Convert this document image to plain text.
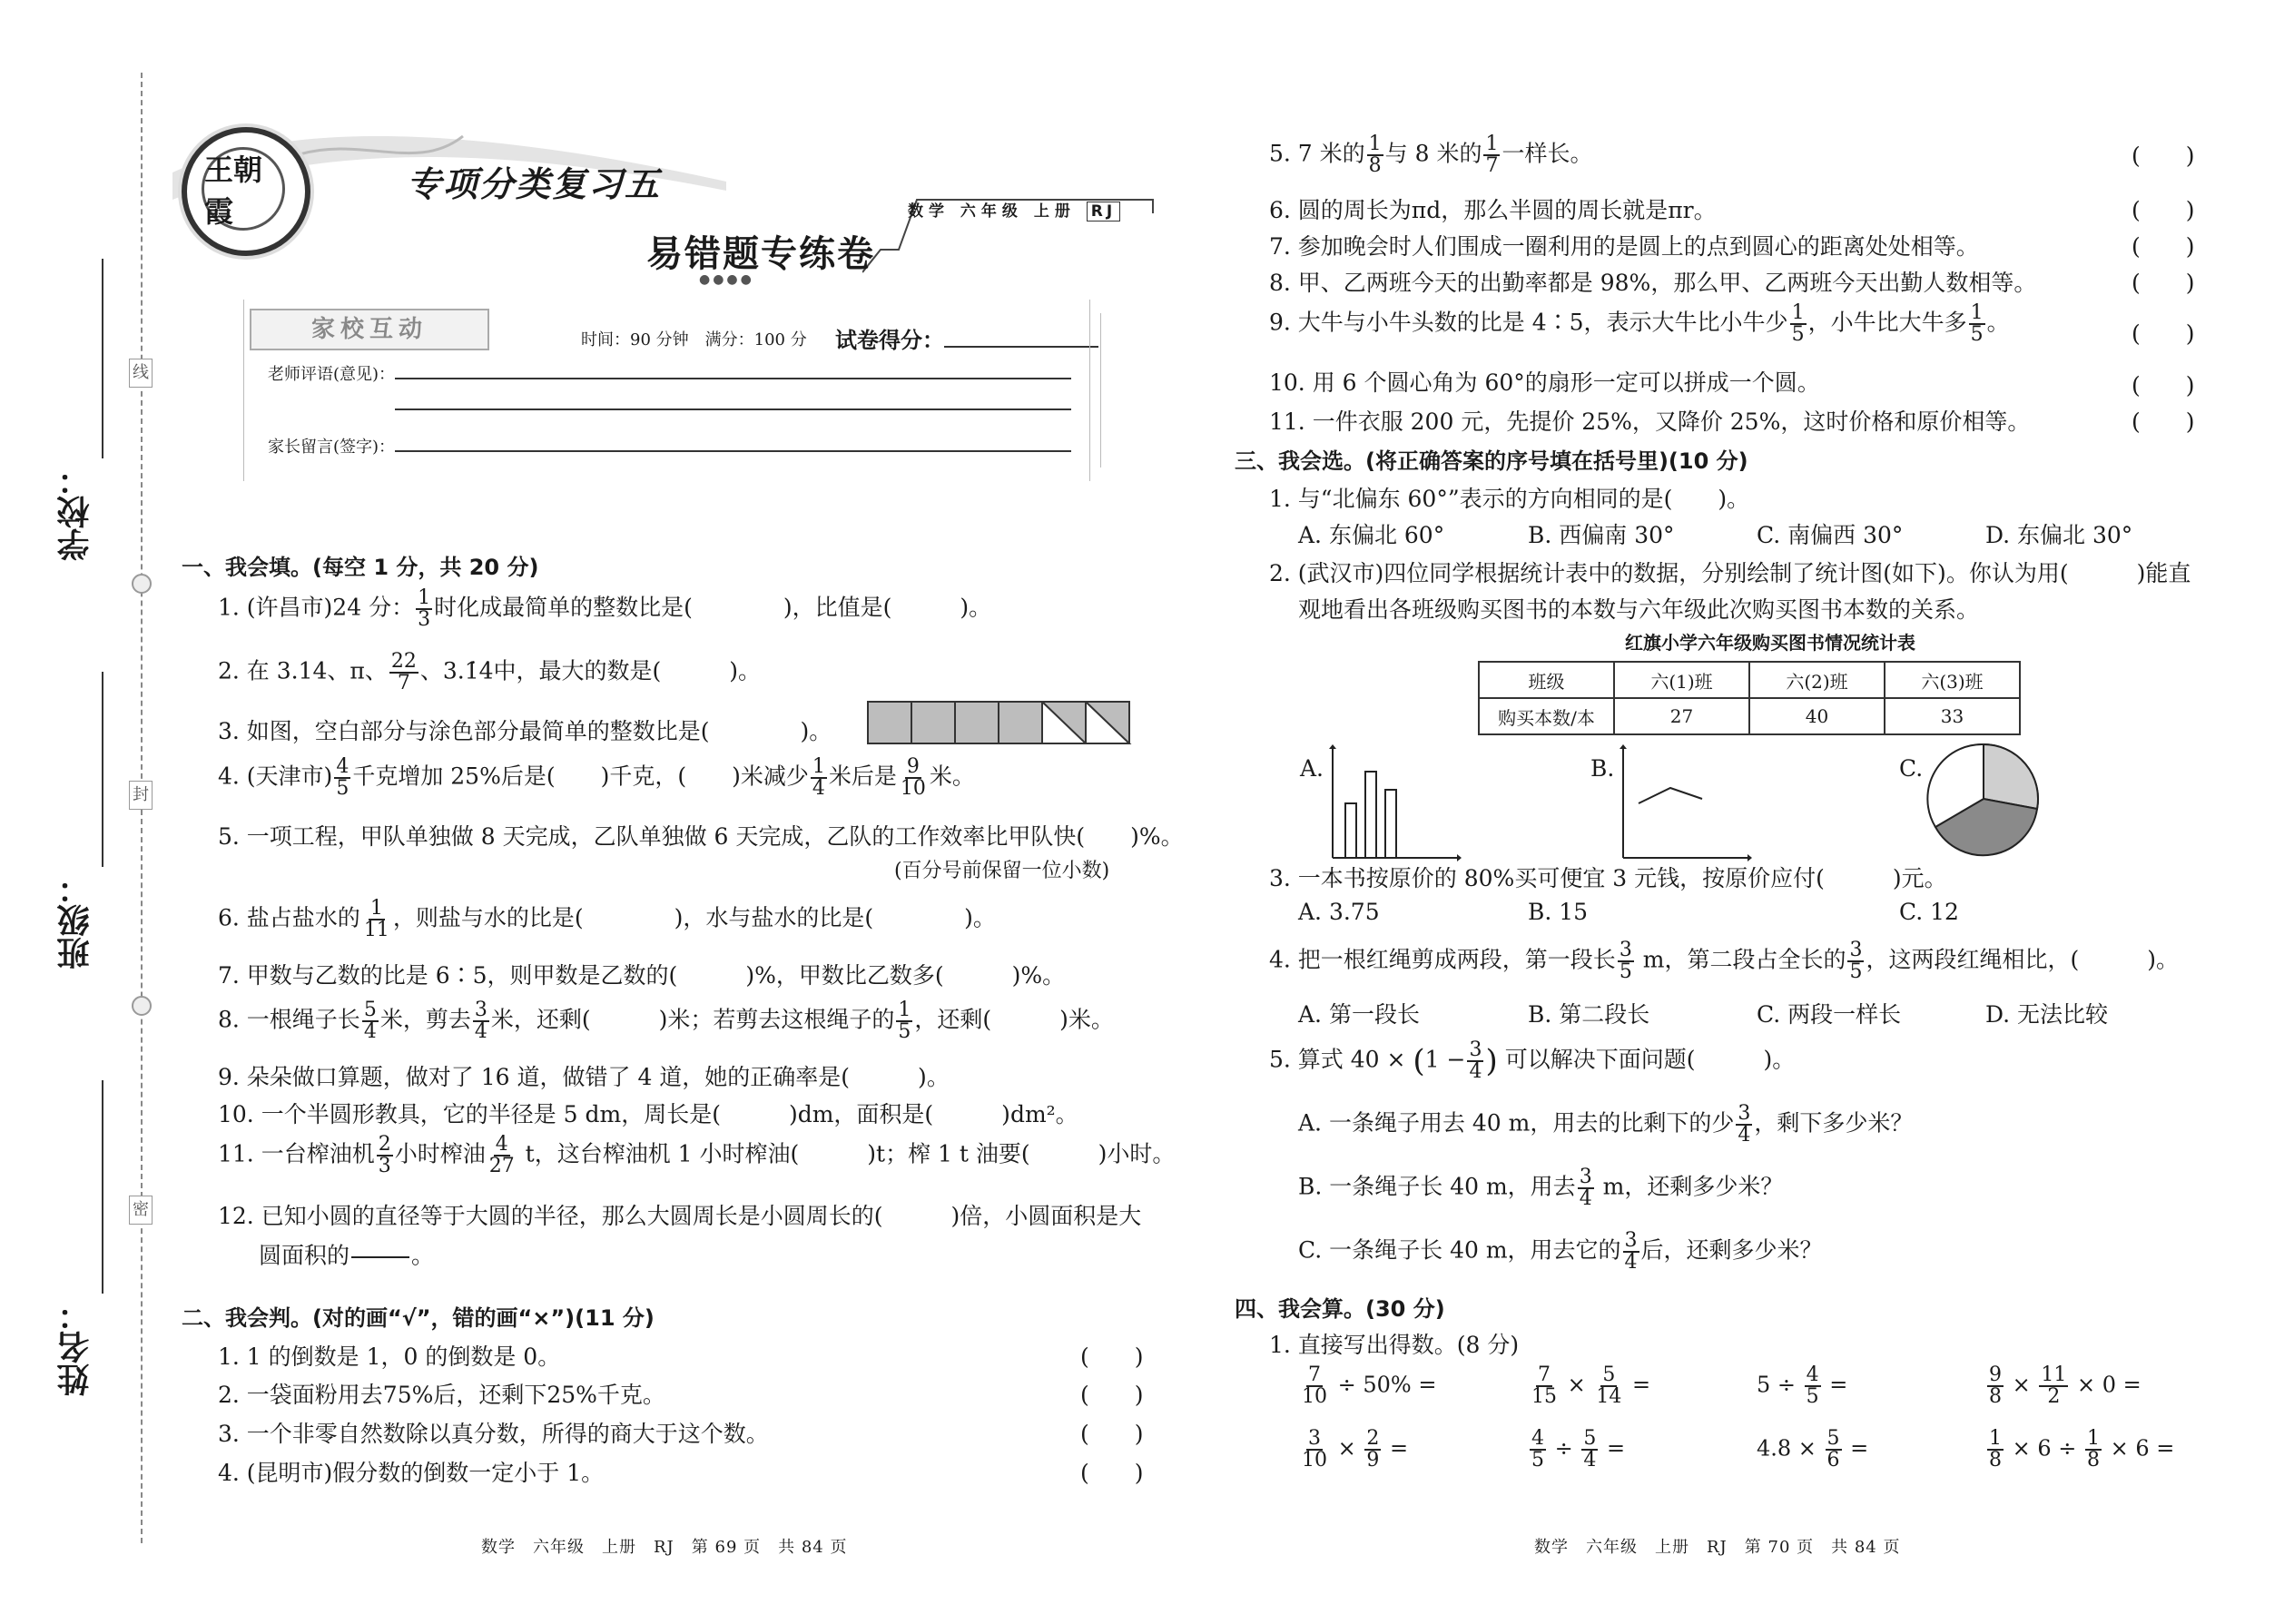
学校：
班级：
姓名：
线
封
密
王朝霞
专项分类复习五
数学 六年级 上册 RJ
易错题专练卷
●●●●
家校互动	时间：90 分钟　满分：100 分 试卷得分：
老师评语(意见)：
家长留言(签字)：
一、我会填。(每空 1 分，共 20 分)
1. (许昌市)24 分： $\frac{1}{3}$ 时化成最简单的整数比是(　　　　)，比值是(　　　)。
2. 在 3.14、π、 $\frac{22}{7}$ 、3.1̇4̇中，最大的数是(　　　)。
3. 如图，空白部分与涂色部分最简单的整数比是(　　　　)。
4. (天津市) $\frac{4}{5}$ 千克增加 25%后是(　　)千克，(　　)米减少 $\frac{1}{4}$ 米后是 $\frac{9}{10}$ 米。
5. 一项工程，甲队单独做 8 天完成，乙队单独做 6 天完成，乙队的工作效率比甲队快(　　)%。
(百分号前保留一位小数)
6. 盐占盐水的 $\frac{1}{11}$ ，则盐与水的比是(　　　　)，水与盐水的比是(　　　　)。
7. 甲数与乙数的比是 6∶5，则甲数是乙数的(　　　)%，甲数比乙数多(　　　)%。
8. 一根绳子长 $\frac{5}{4}$ 米，剪去 $\frac{3}{4}$ 米，还剩(　　　)米；若剪去这根绳子的 $\frac{1}{5}$ ，还剩(　　　)米。
9. 朵朵做口算题，做对了 16 道，做错了 4 道，她的正确率是(　　　)。
10. 一个半圆形教具，它的半径是 5 dm，周长是(　　　)dm，面积是(　　　)dm²。
11. 一台榨油机 $\frac{2}{3}$ 小时榨油 $\frac{4}{27}$ t，这台榨油机 1 小时榨油(　　　)t；榨 1 t 油要(　　　)小时。
12. 已知小圆的直径等于大圆的半径，那么大圆周长是小圆周长的(　　　)倍，小圆面积是大
圆面积的	。
二、我会判。(对的画“√”，错的画“×”)(11 分)
1. 1 的倒数是 1，0 的倒数是 0。	(　　)
2. 一袋面粉用去75%后，还剩下25%千克。	(　　)
3. 一个非零自然数除以真分数，所得的商大于这个数。	(　　)
4. (昆明市)假分数的倒数一定小于 1。	(　　)
数学　六年级　上册　RJ　第 69 页　共 84 页
5. 7 米的 $\frac{1}{8}$ 与 8 米的 $\frac{1}{7}$ 一样长。	(　　)
6. 圆的周长为πd，那么半圆的周长就是πr。	(　　)
7. 参加晚会时人们围成一圈利用的是圆上的点到圆心的距离处处相等。	(　　)
8. 甲、乙两班今天的出勤率都是 98%，那么甲、乙两班今天出勤人数相等。	(　　)
9. 大牛与小牛头数的比是 4∶5，表示大牛比小牛少 $\frac{1}{5}$ ，小牛比大牛多 $\frac{1}{5}$ 。	(　　)
10. 用 6 个圆心角为 60°的扇形一定可以拼成一个圆。	(　　)
11. 一件衣服 200 元，先提价 25%，又降价 25%，这时价格和原价相等。	(　　)
三、我会选。(将正确答案的序号填在括号里)(10 分)
1. 与“北偏东 60°”表示的方向相同的是(　　)。
A. 东偏北 60°	B. 西偏南 30°	C. 南偏西 30°	D. 东偏北 30°
2. (武汉市)四位同学根据统计表中的数据，分别绘制了统计图(如下)。你认为用(　　　)能直
观地看出各班级购买图书的本数与六年级此次购买图书本数的关系。
红旗小学六年级购买图书情况统计表
班级	六(1)班	六(2)班	六(3)班
购买本数/本	27	40	33
A.	B.	C.
3. 一本书按原价的 80%买可便宜 3 元钱，按原价应付(　　　)元。
A. 3.75	B. 15	C. 12
4. 把一根红绳剪成两段，第一段长 $\frac{3}{5}$ m，第二段占全长的 $\frac{3}{5}$ ，这两段红绳相比，(　　　)。
A. 第一段长	B. 第二段长	C. 两段一样长	D. 无法比较
5. 算式 $40 \times (1 - \frac{3}{4}$ ) 可以解决下面问题(　　　)。
A. 一条绳子用去 40 m，用去的比剩下的少 $\frac{3}{4}$ ，剩下多少米？
B. 一条绳子长 40 m，用去 $\frac{3}{4}$ m，还剩多少米？
C. 一条绳子长 40 m，用去它的 $\frac{3}{4}$ 后，还剩多少米？
四、我会算。(30 分)
1. 直接写出得数。(8 分)
$\frac{7}{10} \div 50\%$ =	$\frac{7}{15} \times \frac{5}{14}$ =	$5 \div \frac{4}{5}$ =	$\frac{9}{8} \times \frac{11}{2} \times 0$ =
$\frac{3}{10} \times \frac{2}{9}$ =	$\frac{4}{5} \div \frac{5}{4}$ =	$4.8 \times \frac{5}{6}$ =	$\frac{1}{8} \times 6 \div \frac{1}{8} \times 6$ =
数学　六年级　上册　RJ　第 70 页　共 84 页
